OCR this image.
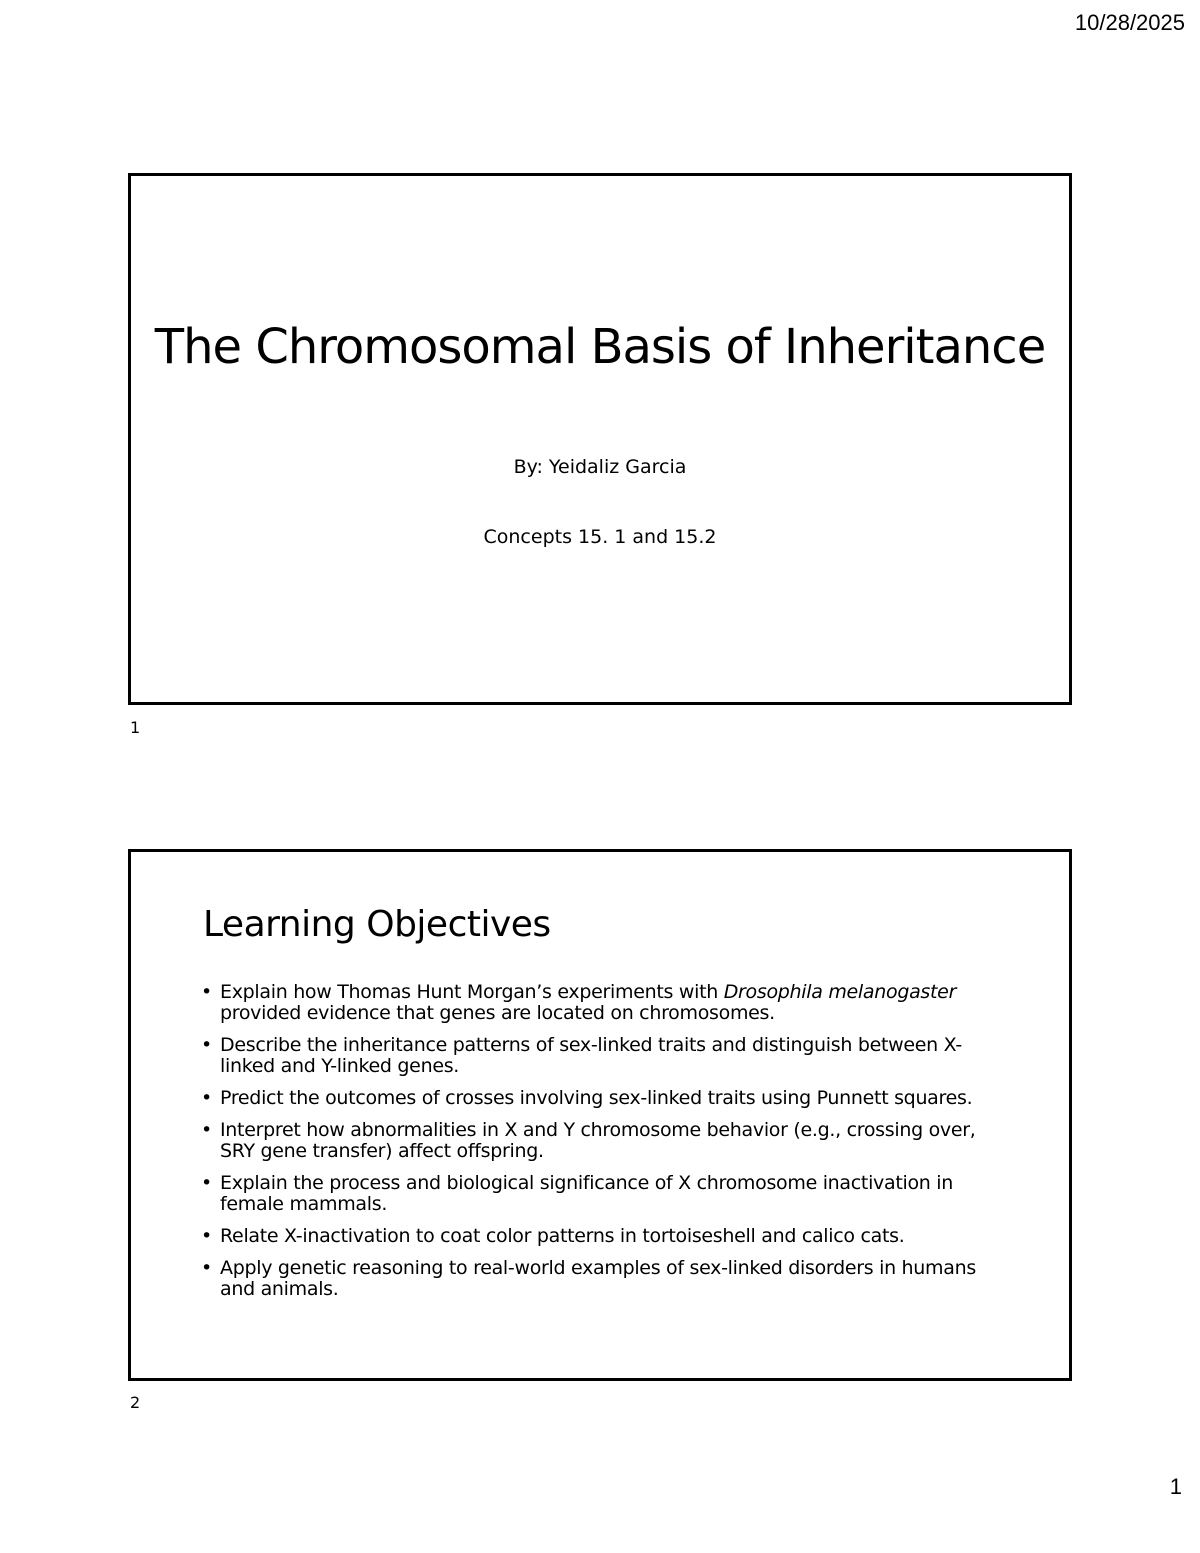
10/28/2025
The Chromosomal Basis of Inheritance
By: Yeidaliz Garcia
Concepts 15. 1 and 15.2
1
Learning Objectives
• Explain how Thomas Hunt Morgan’s experiments with Drosophila melanogaster provided evidence that genes are located on chromosomes.
• Describe the inheritance patterns of sex-linked traits and distinguish between X-linked and Y-linked genes.
• Predict the outcomes of crosses involving sex-linked traits using Punnett squares.
• Interpret how abnormalities in X and Y chromosome behavior (e.g., crossing over, SRY gene transfer) affect offspring.
• Explain the process and biological significance of X chromosome inactivation in female mammals.
• Relate X-inactivation to coat color patterns in tortoiseshell and calico cats.
• Apply genetic reasoning to real-world examples of sex-linked disorders in humans and animals.
2
1
